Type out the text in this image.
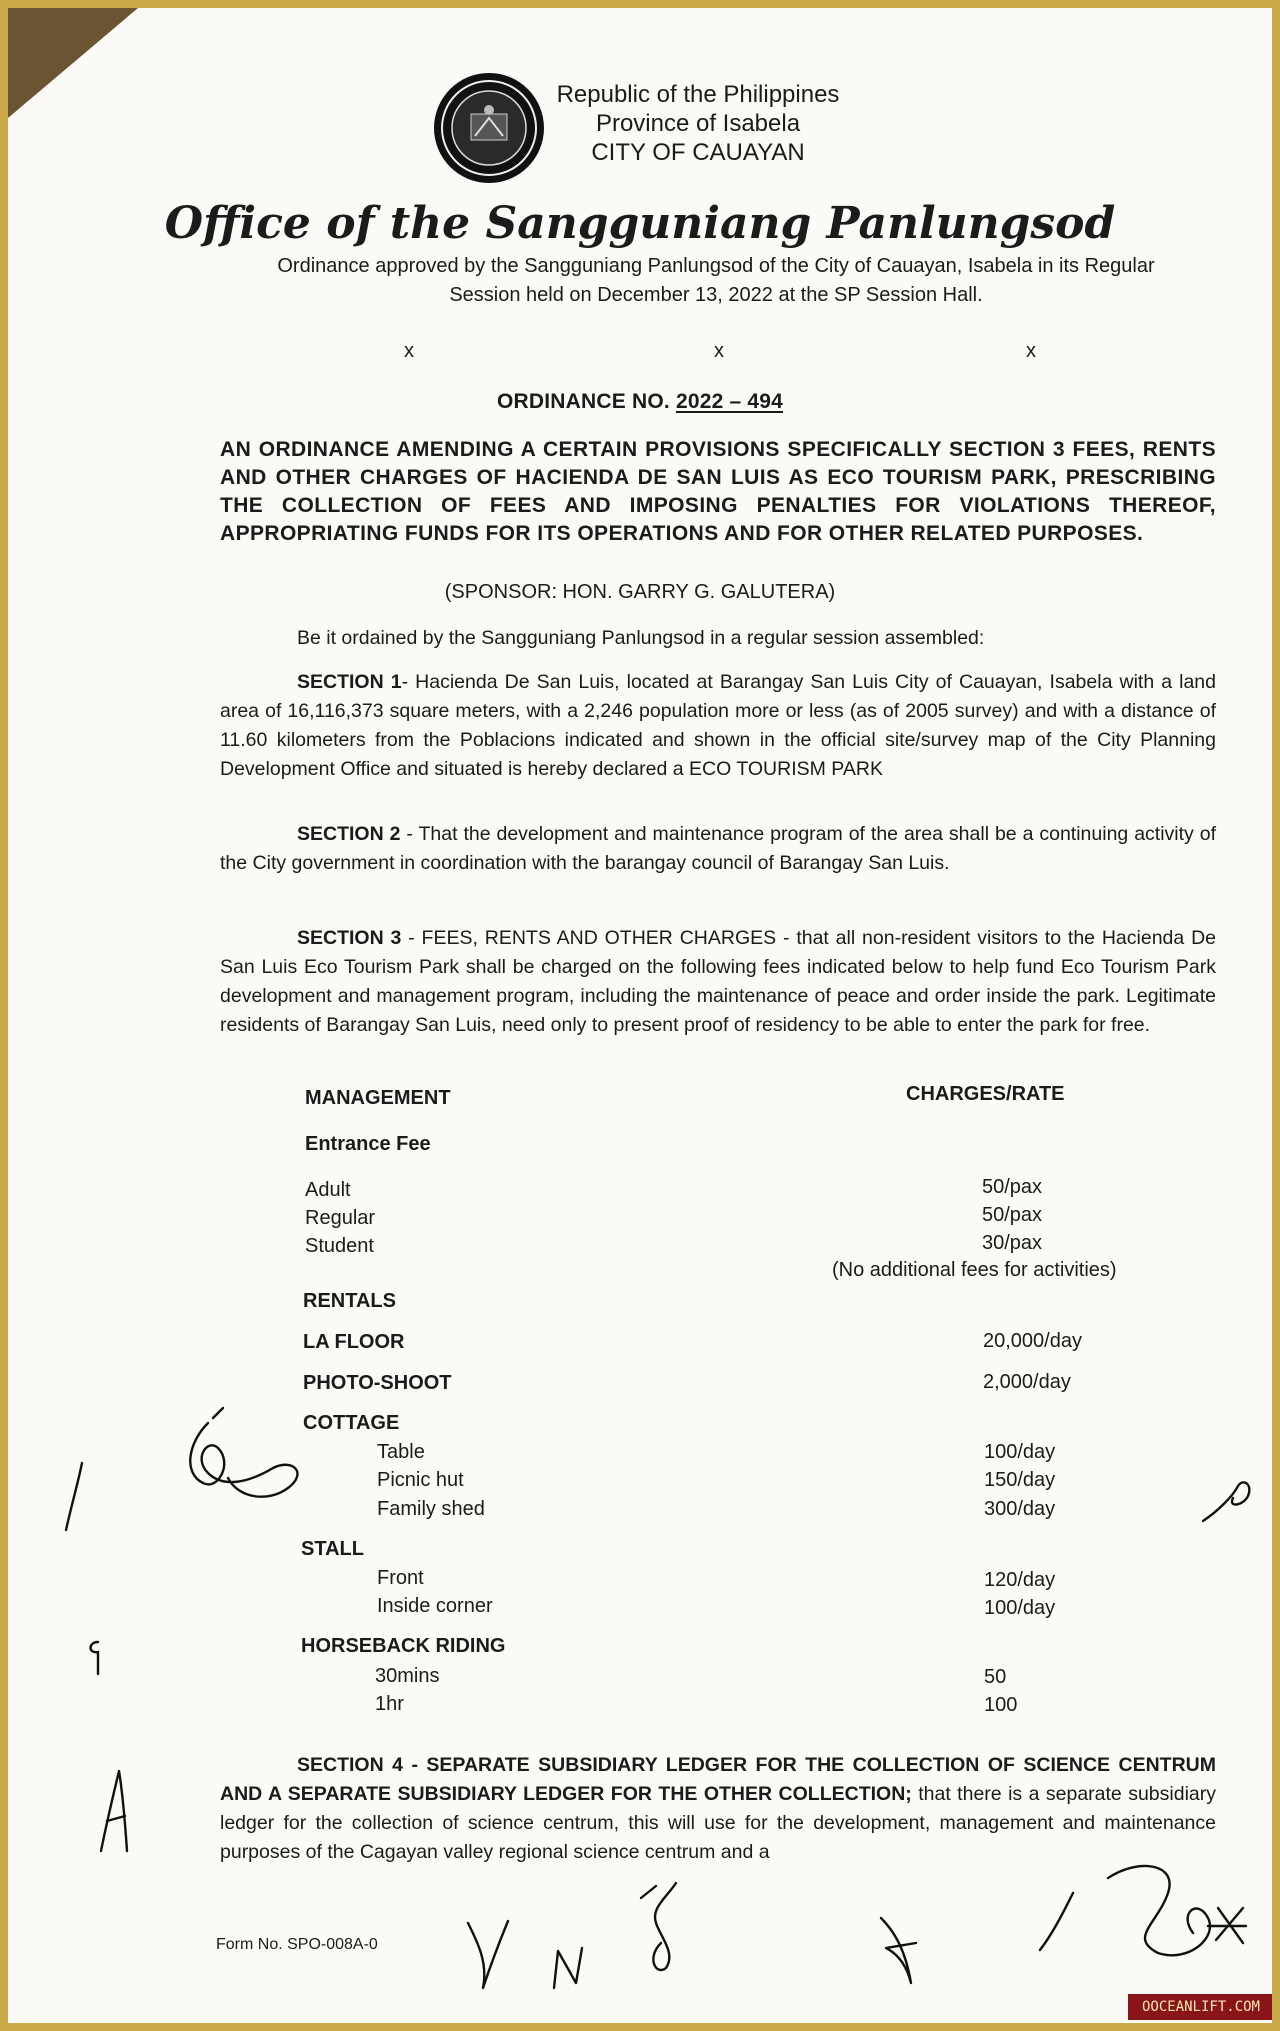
Republic of the Philippines
Province of Isabela
CITY OF CAUAYAN
Office of the Sangguniang Panlungsod
Ordinance approved by the Sangguniang Panlungsod of the City of Cauayan, Isabela in its Regular
Session held on December 13, 2022 at the SP Session Hall.
x	x	x
ORDINANCE NO. 2022 – 494
AN ORDINANCE AMENDING A CERTAIN PROVISIONS SPECIFICALLY SECTION 3 FEES, RENTS AND OTHER CHARGES OF HACIENDA DE SAN LUIS AS ECO TOURISM PARK, PRESCRIBING THE COLLECTION OF FEES AND IMPOSING PENALTIES FOR VIOLATIONS THEREOF, APPROPRIATING FUNDS FOR ITS OPERATIONS AND FOR OTHER RELATED PURPOSES.
(SPONSOR: HON. GARRY G. GALUTERA)
Be it ordained by the Sangguniang Panlungsod in a regular session assembled:
SECTION 1- Hacienda De San Luis, located at Barangay San Luis City of Cauayan, Isabela with a land area of 16,116,373 square meters, with a 2,246 population more or less (as of 2005 survey) and with a distance of 11.60 kilometers from the Poblacions indicated and shown in the official site/survey map of the City Planning Development Office and situated is hereby declared a ECO TOURISM PARK
SECTION 2 - That the development and maintenance program of the area shall be a continuing activity of the City government in coordination with the barangay council of Barangay San Luis.
SECTION 3 - FEES, RENTS AND OTHER CHARGES - that all non-resident visitors to the Hacienda De San Luis Eco Tourism Park shall be charged on the following fees indicated below to help fund Eco Tourism Park development and management program, including the maintenance of peace and order inside the park. Legitimate residents of Barangay San Luis, need only to present proof of residency to be able to enter the park for free.
MANAGEMENT	CHARGES/RATE
Entrance Fee
Adult	50/pax
Regular	50/pax
Student	30/pax
(No additional fees for activities)
RENTALS
LA FLOOR	20,000/day
PHOTO-SHOOT	2,000/day
COTTAGE
Table	100/day
Picnic hut	150/day
Family shed	300/day
STALL
Front	120/day
Inside corner	100/day
HORSEBACK RIDING
30mins	50
1hr	100
SECTION 4 - SEPARATE SUBSIDIARY LEDGER FOR THE COLLECTION OF SCIENCE CENTRUM AND A SEPARATE SUBSIDIARY LEDGER FOR THE OTHER COLLECTION; that there is a separate subsidiary ledger for the collection of science centrum, this will use for the development, management and maintenance purposes of the Cagayan valley regional science centrum and a
Form No. SPO-008A-0
OOCEANLIFT.COM
